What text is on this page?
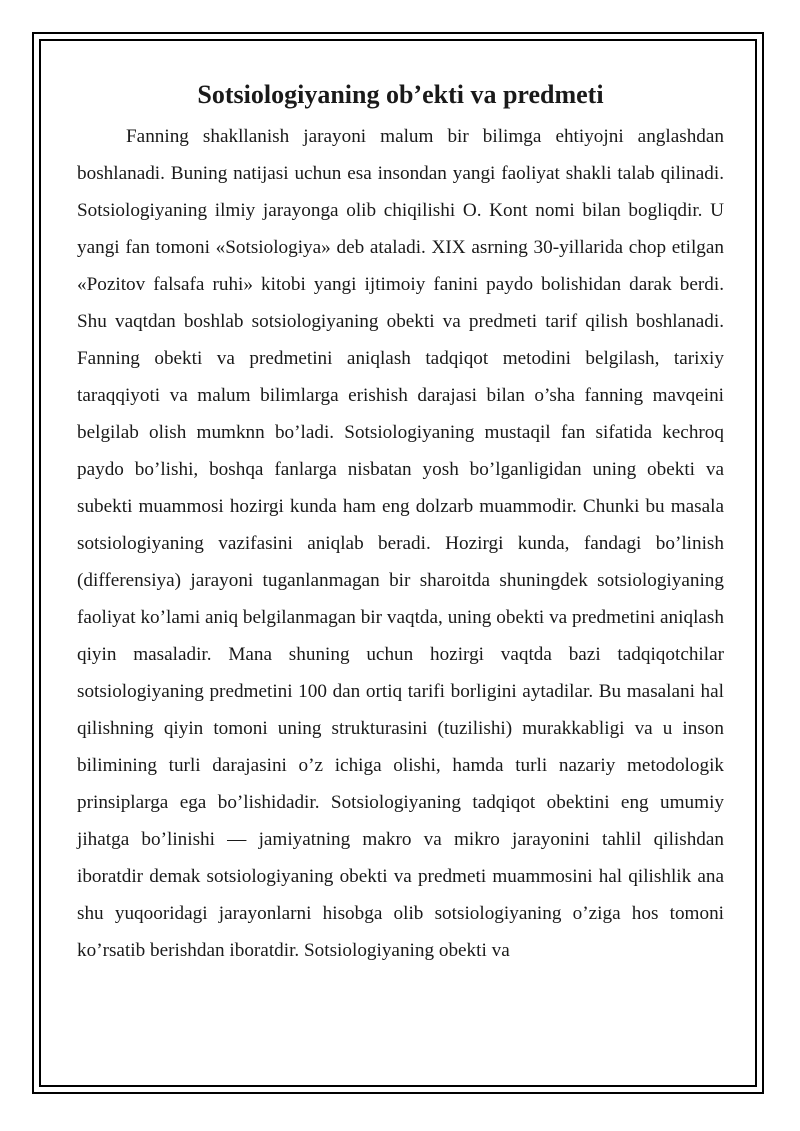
Sotsiologiyaning ob’ekti va predmeti

Fanning shakllanish jarayoni malum bir bilimga ehtiyojni anglashdan boshlanadi. Buning natijasi uchun esa insondan yangi faoliyat shakli talab qilinadi. Sotsiologiyaning ilmiy jarayonga olib chiqilishi O. Kont nomi bilan bogliqdir. U yangi fan tomoni «Sotsiologiya» deb ataladi. XIX asrning 30-yillarida chop etilgan «Pozitov falsafa ruhi» kitobi yangi ijtimoiy fanini paydo bolishidan darak berdi. Shu vaqtdan boshlab sotsiologiyaning obekti va predmeti tarif qilish boshlanadi. Fanning obekti va predmetini aniqlash tadqiqot metodini belgilash, tarixiy taraqqiyoti va malum bilimlarga erishish darajasi bilan o’sha fanning mavqeini belgilab olish mumknn bo’ladi. Sotsiologiyaning mustaqil fan sifatida kechroq paydo bo’lishi, boshqa fanlarga nisbatan yosh bo’lganligidan uning obekti va subekti muammosi hozirgi kunda ham eng dolzarb muammodir. Chunki bu masala sotsiologiyaning vazifasini aniqlab beradi. Hozirgi kunda, fandagi bo’linish (differensiya) jarayoni tuganlanmagan bir sharoitda shuningdek sotsiologiyaning faoliyat ko’lami aniq belgilanmagan bir vaqtda, uning obekti va predmetini aniqlash qiyin masaladir. Mana shuning uchun hozirgi vaqtda bazi tadqiqotchilar sotsiologiyaning predmetini 100 dan ortiq tarifi borligini aytadilar. Bu masalani hal qilishning qiyin tomoni uning strukturasini (tuzilishi) murakkabligi va u inson bilimining turli darajasini o’z ichiga olishi, hamda turli nazariy metodologik prinsiplarga ega bo’lishidadir. Sotsiologiyaning tadqiqot obektini eng umumiy jihatga bo’linishi — jamiyatning makro va mikro jarayonini tahlil qilishdan iboratdir demak sotsiologiyaning obekti va predmeti muammosini hal qilishlik ana shu yuqooridagi jarayonlarni hisobga olib sotsiologiyaning o’ziga hos tomoni ko’rsatib berishdan iboratdir. Sotsiologiyaning obekti va
